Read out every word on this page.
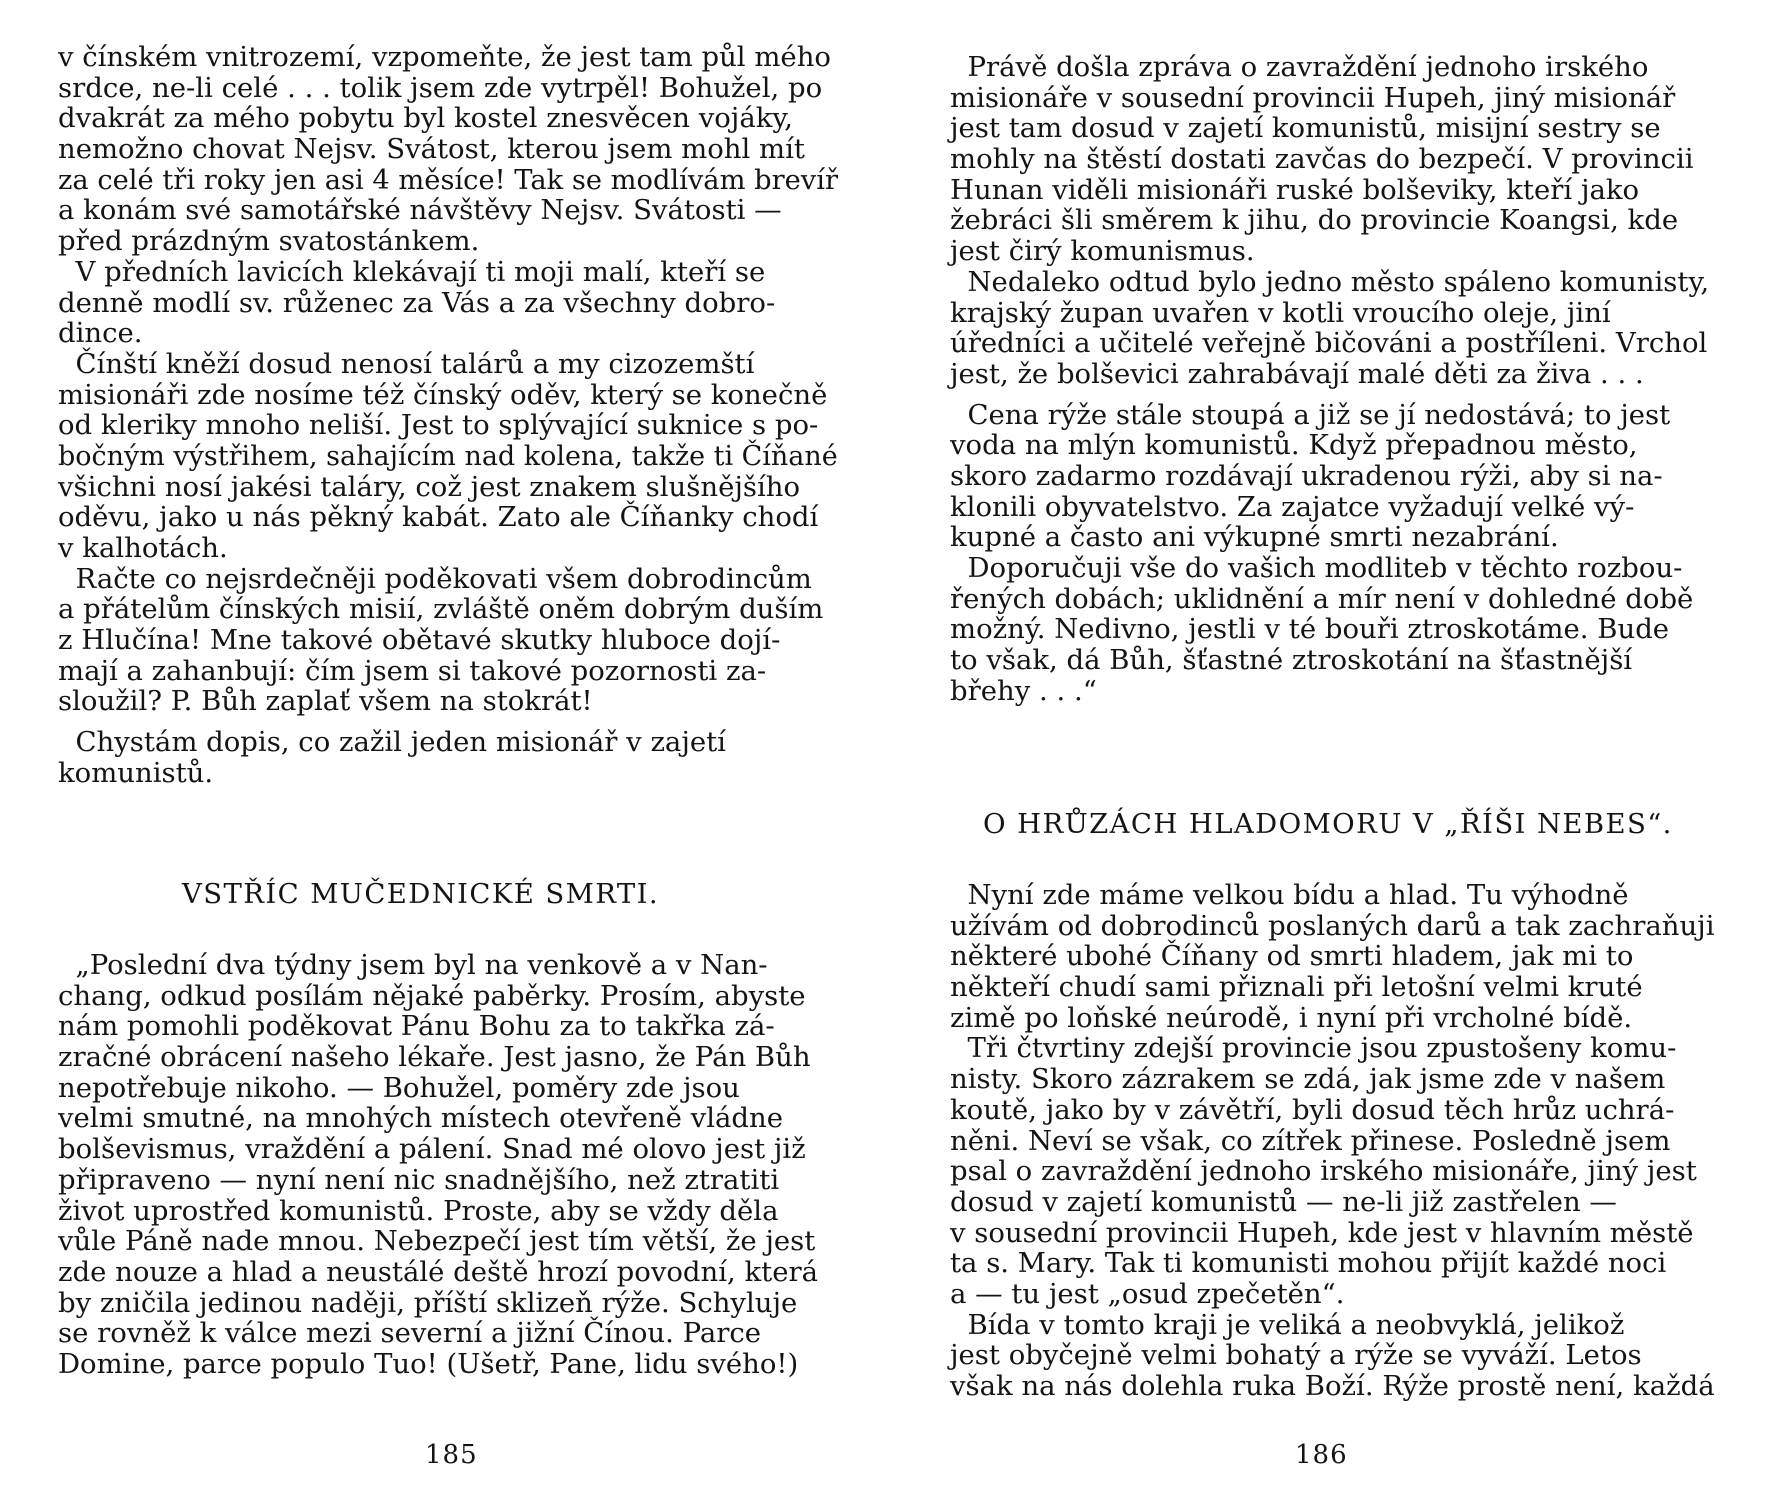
v čínském vnitrozemí, vzpomeňte, že jest tam půl mého
srdce, ne-li celé . . . tolik jsem zde vytrpěl! Bohužel, po
dvakrát za mého pobytu byl kostel znesvěcen vojáky,
nemožno chovat Nejsv. Svátost, kterou jsem mohl mít
za celé tři roky jen asi 4 měsíce! Tak se modlívám brevíř
a konám své samotářské návštěvy Nejsv. Svátosti —
před prázdným svatostánkem.
V předních lavicích klekávají ti moji malí, kteří se
denně modlí sv. růženec za Vás a za všechny dobro-
dince.
Čínští kněží dosud nenosí talárů a my cizozemští
misionáři zde nosíme též čínský oděv, který se konečně
od kleriky mnoho neliší. Jest to splývající suknice s po-
bočným výstřihem, sahajícím nad kolena, takže ti Číňané
všichni nosí jakési taláry, což jest znakem slušnějšího
oděvu, jako u nás pěkný kabát. Zato ale Číňanky chodí
v kalhotách.
Račte co nejsrdečněji poděkovati všem dobrodincům
a přátelům čínských misií, zvláště oněm dobrým duším
z Hlučína! Mne takové obětavé skutky hluboce dojí-
mají a zahanbují: čím jsem si takové pozornosti za-
sloužil? P. Bůh zaplať všem na stokrát!
Chystám dopis, co zažil jeden misionář v zajetí
komunistů.
VSTŘÍC MUČEDNICKÉ SMRTI.
„Poslední dva týdny jsem byl na venkově a v Nan-
chang, odkud posílám nějaké paběrky. Prosím, abyste
nám pomohli poděkovat Pánu Bohu za to takřka zá-
zračné obrácení našeho lékaře. Jest jasno, že Pán Bůh
nepotřebuje nikoho. — Bohužel, poměry zde jsou
velmi smutné, na mnohých místech otevřeně vládne
bolševismus, vraždění a pálení. Snad mé olovo jest již
připraveno — nyní není nic snadnějšího, než ztratiti
život uprostřed komunistů. Proste, aby se vždy děla
vůle Páně nade mnou. Nebezpečí jest tím větší, že jest
zde nouze a hlad a neustálé deště hrozí povodní, která
by zničila jedinou naději, příští sklizeň rýže. Schyluje
se rovněž k válce mezi severní a jižní Čínou. Parce
Domine, parce populo Tuo! (Ušetř, Pane, lidu svého!)
185
Právě došla zpráva o zavraždění jednoho irského
misionáře v sousední provincii Hupeh, jiný misionář
jest tam dosud v zajetí komunistů, misijní sestry se
mohly na štěstí dostati zavčas do bezpečí. V provincii
Hunan viděli misionáři ruské bolševiky, kteří jako
žebráci šli směrem k jihu, do provincie Koangsi, kde
jest čirý komunismus.
Nedaleko odtud bylo jedno město spáleno komunisty,
krajský župan uvařen v kotli vroucího oleje, jiní
úředníci a učitelé veřejně bičováni a postříleni. Vrchol
jest, že bolševici zahrabávají malé děti za živa . . .
Cena rýže stále stoupá a již se jí nedostává; to jest
voda na mlýn komunistů. Když přepadnou město,
skoro zadarmo rozdávají ukradenou rýži, aby si na-
klonili obyvatelstvo. Za zajatce vyžadují velké vý-
kupné a často ani výkupné smrti nezabrání.
Doporučuji vše do vašich modliteb v těchto rozbou-
řených dobách; uklidnění a mír není v dohledné době
možný. Nedivno, jestli v té bouři ztroskotáme. Bude
to však, dá Bůh, šťastné ztroskotání na šťastnější
břehy . . .“
O HRŮZÁCH HLADOMORU V „ŘÍŠI NEBES“.
Nyní zde máme velkou bídu a hlad. Tu výhodně
užívám od dobrodinců poslaných darů a tak zachraňuji
některé ubohé Číňany od smrti hladem, jak mi to
někteří chudí sami přiznali při letošní velmi kruté
zimě po loňské neúrodě, i nyní při vrcholné bídě.
Tři čtvrtiny zdejší provincie jsou zpustošeny komu-
nisty. Skoro zázrakem se zdá, jak jsme zde v našem
koutě, jako by v závětří, byli dosud těch hrůz uchrá-
něni. Neví se však, co zítřek přinese. Posledně jsem
psal o zavraždění jednoho irského misionáře, jiný jest
dosud v zajetí komunistů — ne-li již zastřelen —
v sousední provincii Hupeh, kde jest v hlavním městě
ta s. Mary. Tak ti komunisti mohou přijít každé noci
a — tu jest „osud zpečetěn“.
Bída v tomto kraji je veliká a neobvyklá, jelikož
jest obyčejně velmi bohatý a rýže se vyváží. Letos
však na nás dolehla ruka Boží. Rýže prostě není, každá
186
